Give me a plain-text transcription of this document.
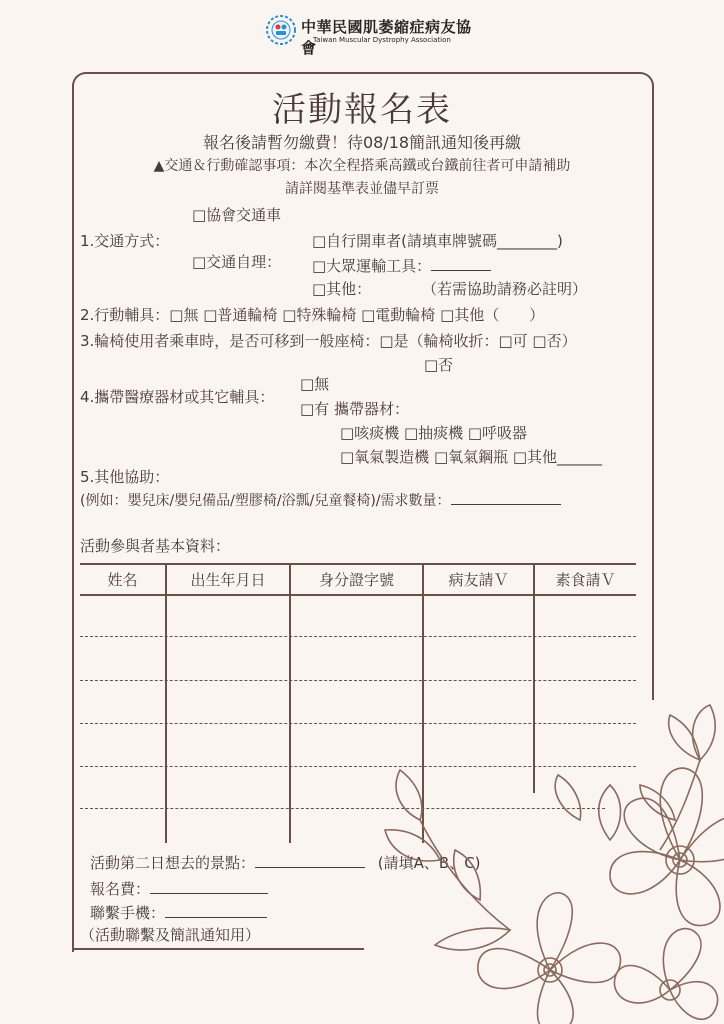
中華民國肌萎縮症病友協會
Taiwan Muscular Dystrophy Association
活動報名表
報名後請暫勿繳費！待08/18簡訊通知後再繳
▲交通＆行動確認事項：本次全程搭乘高鐵或台鐵前往者可申請補助
請詳閱基準表並儘早訂票
□協會交通車
1.交通方式：	□自行開車者(請填車牌號碼________)
□交通自理： □大眾運輸工具：
□其他：	（若需協助請務必註明）
2.行動輔具：□無 □普通輪椅 □特殊輪椅 □電動輪椅 □其他（　　）
3.輪椅使用者乘車時，是否可移到一般座椅：□是（輪椅收折：□可 □否）
□否
4.攜帶醫療器材或其它輔具：
□無
□有 攜帶器材：
□咳痰機 □抽痰機 □呼吸器
□氧氣製造機 □氧氣鋼瓶 □其他______
5.其他協助：
(例如：嬰兒床/嬰兒備品/塑膠椅/浴瓢/兒童餐椅)/需求數量：
活動參與者基本資料：
姓名	出生年月日	身分證字號	病友請Ｖ	素食請Ｖ
活動第二日想去的景點：	(請填A、B、C)
報名費：
聯繫手機：
（活動聯繫及簡訊通知用）
